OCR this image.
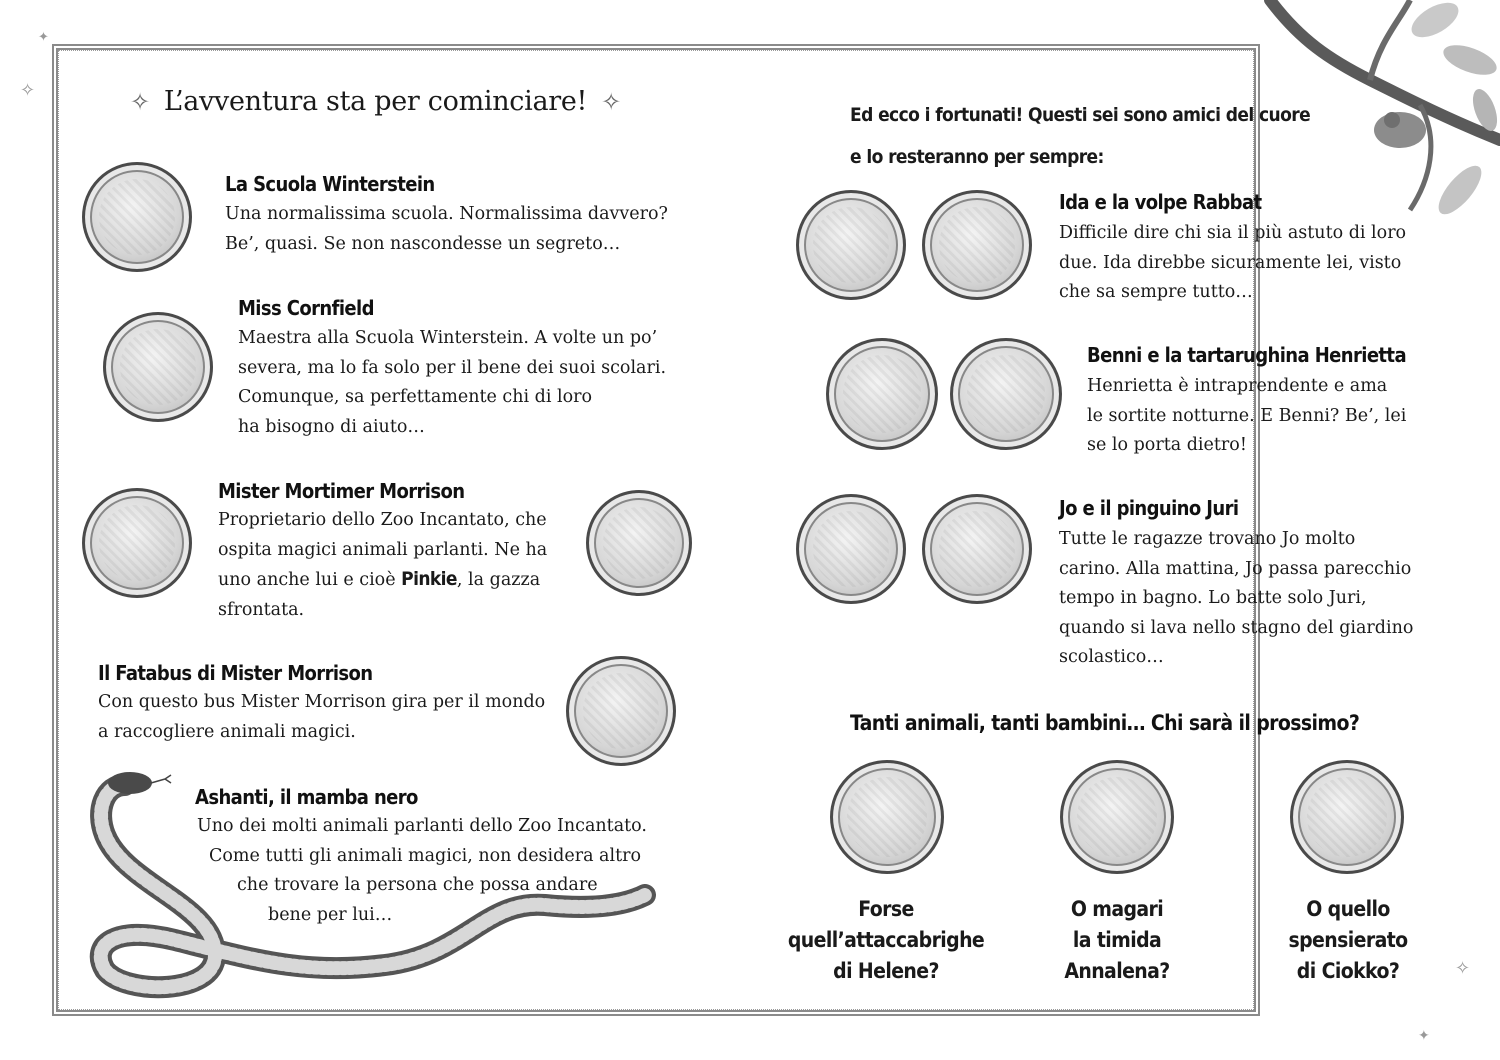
✧
✦
✧
✦
✧ L’avventura sta per cominciare! ✧
La Scuola Winterstein
Una normalissima scuola. Normalissima davvero?
Be’, quasi. Se non nascondesse un segreto…
Miss Cornfield
Maestra alla Scuola Winterstein. A volte un po’
severa, ma lo fa solo per il bene dei suoi scolari.
Comunque, sa perfettamente chi di loro
ha bisogno di aiuto…
Mister Mortimer Morrison
Proprietario dello Zoo Incantato, che
ospita magici animali parlanti. Ne ha
uno anche lui e cioè Pinkie, la gazza
sfrontata.
Il Fatabus di Mister Morrison
Con questo bus Mister Morrison gira per il mondo
a raccogliere animali magici.
Ashanti, il mamba nero
Uno dei molti animali parlanti dello Zoo Incantato.
Come tutti gli animali magici, non desidera altro
che trovare la persona che possa andare
bene per lui…
Ed ecco i fortunati! Questi sei sono amici del cuore
e lo resteranno per sempre:
Ida e la volpe Rabbat
Difficile dire chi sia il più astuto di loro
due. Ida direbbe sicuramente lei, visto
che sa sempre tutto…
Benni e la tartarughina Henrietta
Henrietta è intraprendente e ama
le sortite notturne. E Benni? Be’, lei
se lo porta dietro!
Jo e il pinguino Juri
Tutte le ragazze trovano Jo molto
carino. Alla mattina, Jo passa parecchio
tempo in bagno. Lo batte solo Juri,
quando si lava nello stagno del giardino
scolastico…
Tanti animali, tanti bambini… Chi sarà il prossimo?
Forse
quell’attaccabrighe
di Helene?
O magari
la timida
Annalena?
O quello
spensierato
di Ciokko?
